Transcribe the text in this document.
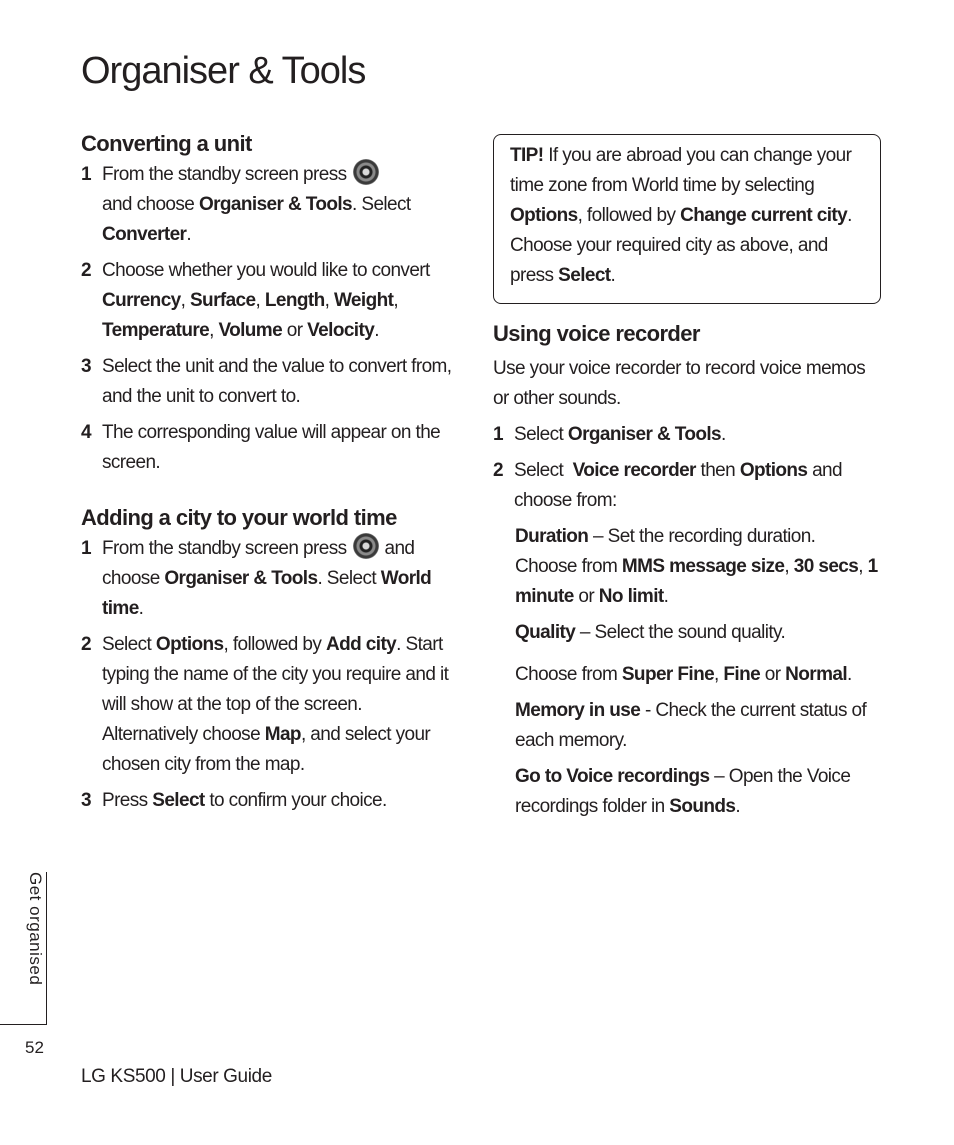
Organiser & Tools
Converting a unit
1 From the standby screen press
and choose Organiser & Tools. Select Converter.
2 Choose whether you would like to convert Currency, Surface, Length, Weight, Temperature, Volume or Velocity.
3 Select the unit and the value to convert from, and the unit to convert to.
4 The corresponding value will appear on the screen.
Adding a city to your world time
1 From the standby screen press and
choose Organiser & Tools. Select World time.
2 Select Options, followed by Add city. Start typing the name of the city you require and it will show at the top of the screen. Alternatively choose Map, and select your chosen city from the map.
3 Press Select to confirm your choice.

TIP! If you are abroad you can change your time zone from World time by selecting Options, followed by Change current city. Choose your required city as above, and press Select.

Using voice recorder
Use your voice recorder to record voice memos or other sounds.
1 Select Organiser & Tools.
2 Select Voice recorder then Options and choose from:
Duration – Set the recording duration. Choose from MMS message size, 30 secs, 1 minute or No limit.
Quality – Select the sound quality.
Choose from Super Fine, Fine or Normal.
Memory in use - Check the current status of each memory.
Go to Voice recordings – Open the Voice recordings folder in Sounds.
Get organised
52
LG KS500 | User Guide
